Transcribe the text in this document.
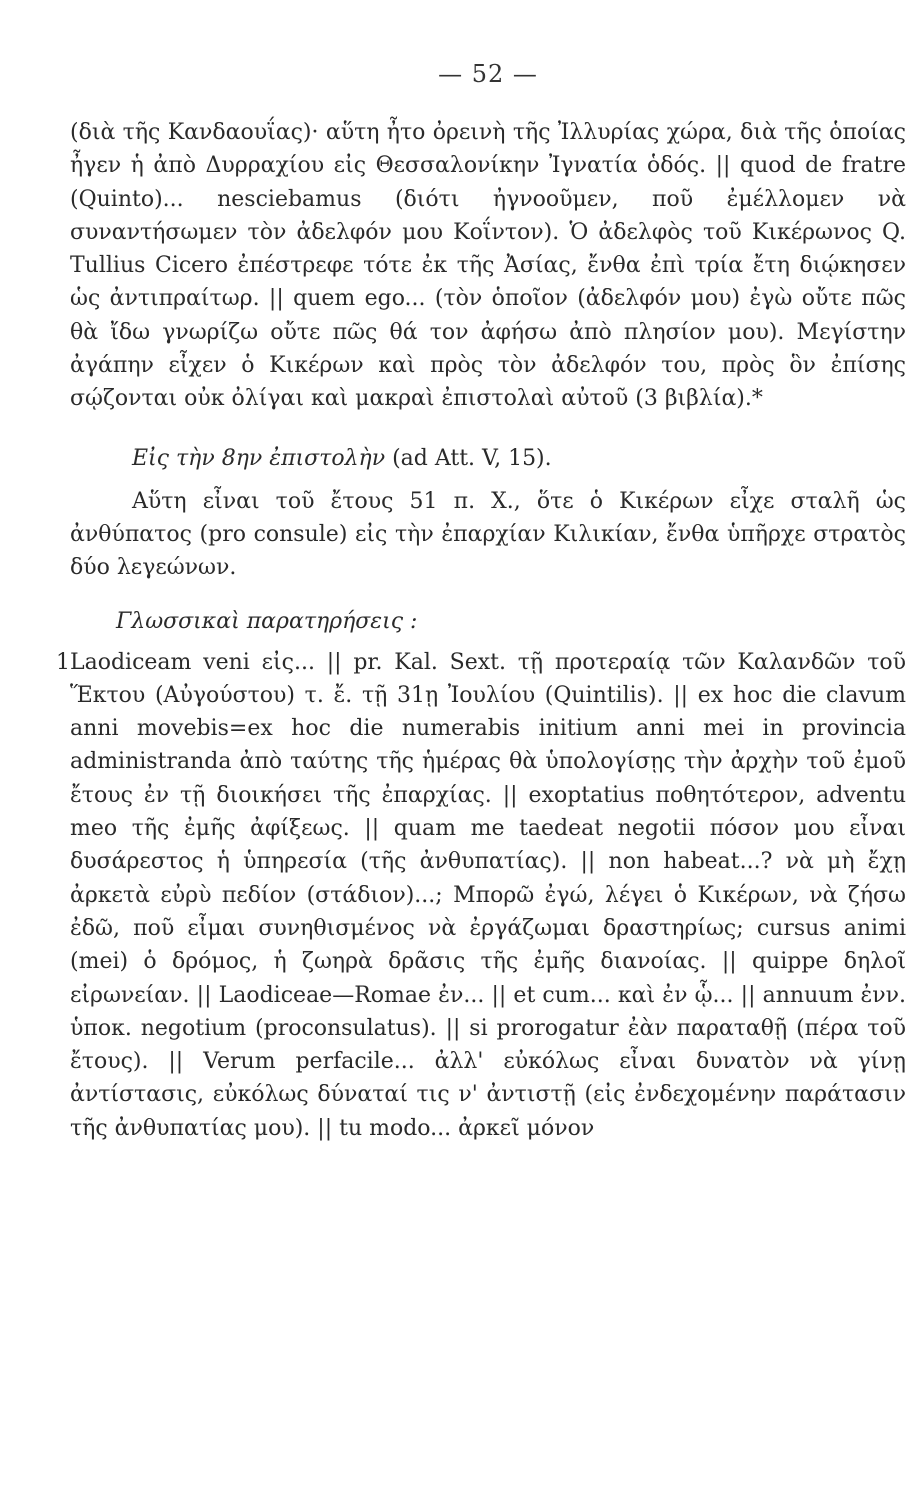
— 52 —

(διὰ τῆς Κανδαουΐας)· αὕτη ἦτο ὀρεινὴ τῆς Ἰλλυρίας χώρα, διὰ τῆς ὁποίας ἦγεν ἡ ἀπὸ Δυρραχίου εἰς Θεσσαλονίκην Ἰγνατία ὁδός. || quod de fratre (Quinto)... nesciebamus (διότι ἠγνοοῦμεν, ποῦ ἐμέλλομεν νὰ συναντήσωμεν τὸν ἀδελφόν μου Κοΐντον). Ὁ ἀδελφὸς τοῦ Κικέρωνος Q. Tullius Cicero ἐπέστρεφε τότε ἐκ τῆς Ἀσίας, ἔνθα ἐπὶ τρία ἔτη διῴκησεν ὡς ἀντιπραίτωρ. || quem ego... (τὸν ὁποῖον (ἀδελφόν μου) ἐγὼ οὔτε πῶς θὰ ἴδω γνωρίζω οὔτε πῶς θά τον ἀφήσω ἀπὸ πλησίον μου). Μεγίστην ἀγάπην εἶχεν ὁ Κικέρων καὶ πρὸς τὸν ἀδελφόν του, πρὸς ὃν ἐπίσης σῴζονται οὐκ ὀλίγαι καὶ μακραὶ ἐπιστολαὶ αὐτοῦ (3 βιβλία).*

Εἰς τὴν 8ην ἐπιστολὴν (ad Att. V, 15).

Αὕτη εἶναι τοῦ ἔτους 51 π. Χ., ὅτε ὁ Κικέρων εἶχε σταλῆ ὡς ἀνθύπατος (pro consule) εἰς τὴν ἐπαρχίαν Κιλικίαν, ἔνθα ὑπῆρχε στρατὸς δύο λεγεώνων.

Γλωσσικαὶ παρατηρήσεις :

1 Laodiceam veni εἰς... || pr. Kal. Sext. τῇ προτεραίᾳ τῶν Καλανδῶν τοῦ Ἕκτου (Αὐγούστου) τ. ἔ. τῇ 31ῃ Ἰουλίου (Quintilis). || ex hoc die clavum anni movebis=ex hoc die numerabis initium anni mei in provincia administranda ἀπὸ ταύτης τῆς ἡμέρας θὰ ὑπολογίσῃς τὴν ἀρχὴν τοῦ ἐμοῦ ἔτους ἐν τῇ διοικήσει τῆς ἐπαρχίας. || exoptatius ποθητότερον, adventu meo τῆς ἐμῆς ἀφίξεως. || quam me taedeat negotii πόσον μου εἶναι δυσάρεστος ἡ ὑπηρεσία (τῆς ἀνθυπατίας). || non habeat...? νὰ μὴ ἔχῃ ἀρκετὰ εὐρὺ πεδίον (στάδιον)...; Μπορῶ ἐγώ, λέγει ὁ Κικέρων, νὰ ζήσω ἐδῶ, ποῦ εἶμαι συνηθισμένος νὰ ἐργάζωμαι δραστηρίως; cursus animi (mei) ὁ δρόμος, ἡ ζωηρὰ δρᾶσις τῆς ἐμῆς διανοίας. || quippe δηλοῖ εἰρωνείαν. || Laodiceae—Romae ἐν... || et cum... καὶ ἐν ᾧ... || annuum ἐνν. ὑποκ. negotium (proconsulatus). || si prorogatur ἐὰν παραταθῇ (πέρα τοῦ ἔτους). || Verum perfacile... ἀλλ' εὐκόλως εἶναι δυνατὸν νὰ γίνῃ ἀντίστασις, εὐκόλως δύναταί τις ν' ἀντιστῇ (εἰς ἐνδεχομένην παράτασιν τῆς ἀνθυπατίας μου). || tu modo... ἀρκεῖ μόνον
